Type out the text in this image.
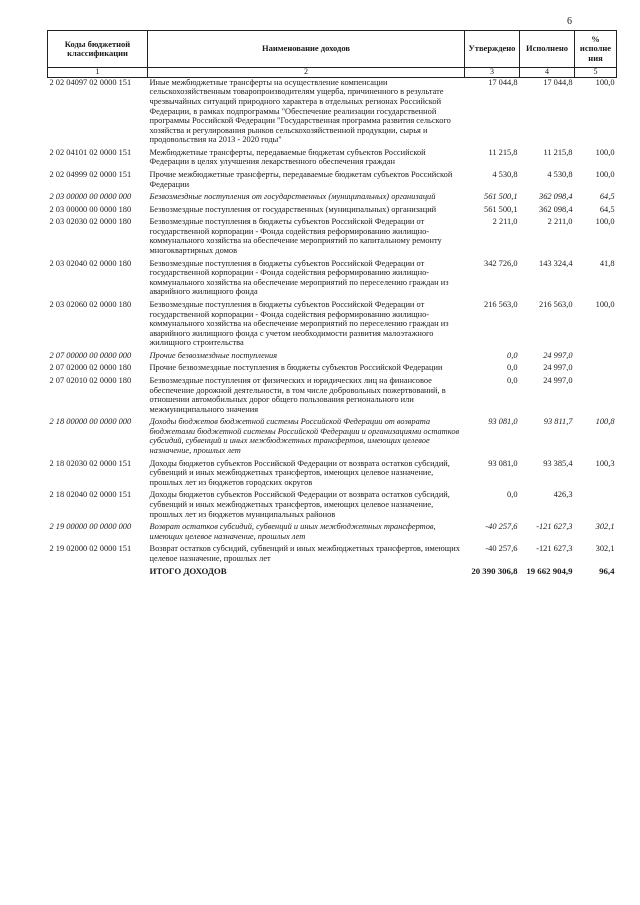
6
Коды бюджетной классификации	Наименование доходов	Утверждено	Исполнено	% исполне ния
1	2	3	4	5
2 02 04097 02 0000 151	Иные межбюджетные трансферты на осуществление компенсации сельскохозяйственным товаропроизводителям ущерба, причиненного в результате чрезвычайных ситуаций природного характера в отдельных регионах Российской Федерации, в рамках подпрограммы "Обеспечение реализации государственной программы Российской Федерации "Государственная программа развития сельского хозяйства и регулирования рынков сельскохозяйственной продукции, сырья и продовольствия на 2013 - 2020 годы"	17 044,8	17 044,8	100,0
2 02 04101 02 0000 151	Межбюджетные трансферты, передаваемые бюджетам субъектов Российской Федерации в целях улучшения лекарственного обеспечения граждан	11 215,8	11 215,8	100,0
2 02 04999 02 0000 151	Прочие межбюджетные трансферты, передаваемые бюджетам субъектов Российской Федерации	4 530,8	4 530,8	100,0
2 03 00000 00 0000 000	Безвозмездные поступления от государственных (муниципальных) организаций	561 500,1	362 098,4	64,5
2 03 00000 00 0000 180	Безвозмездные поступления от государственных (муниципальных) организаций	561 500,1	362 098,4	64,5
2 03 02030 02 0000 180	Безвозмездные поступления в бюджеты субъектов Российской Федерации от государственной корпорации - Фонда содействия реформированию жилищно-коммунального хозяйства на обеспечение мероприятий по капитальному ремонту многоквартирных домов	2 211,0	2 211,0	100,0
2 03 02040 02 0000 180	Безвозмездные поступления в бюджеты субъектов Российской Федерации от государственной корпорации - Фонда содействия реформированию жилищно-коммунального хозяйства на обеспечение мероприятий по переселению граждан из аварийного жилищного фонда	342 726,0	143 324,4	41,8
2 03 02060 02 0000 180	Безвозмездные поступления в бюджеты субъектов Российской Федерации от государственной корпорации - Фонда содействия реформированию жилищно-коммунального хозяйства на обеспечение мероприятий по переселению граждан из аварийного жилищного фонда с учетом необходимости развития малоэтажного жилищного строительства	216 563,0	216 563,0	100,0
2 07 00000 00 0000 000	Прочие безвозмездные поступления	0,0	24 997,0	
2 07 02000 02 0000 180	Прочие безвозмездные поступления в бюджеты субъектов Российской Федерации	0,0	24 997,0	
2 07 02010 02 0000 180	Безвозмездные поступления от физических и юридических лиц на финансовое обеспечение дорожной деятельности, в том числе добровольных пожертвований, в отношении автомобильных дорог общего пользования регионального или межмуниципального значения	0,0	24 997,0	
2 18 00000 00 0000 000	Доходы бюджетов бюджетной системы Российской Федерации от возврата бюджетами бюджетной системы Российской Федерации и организациями остатков субсидий, субвенций и иных межбюджетных трансфертов, имеющих целевое назначение, прошлых лет	93 081,0	93 811,7	100,8
2 18 02030 02 0000 151	Доходы бюджетов субъектов Российской Федерации от возврата остатков субсидий, субвенций и иных межбюджетных трансфертов, имеющих целевое назначение, прошлых лет из бюджетов городских округов	93 081,0	93 385,4	100,3
2 18 02040 02 0000 151	Доходы бюджетов субъектов Российской Федерации от возврата остатков субсидий, субвенций и иных межбюджетных трансфертов, имеющих целевое назначение, прошлых лет из бюджетов муниципальных районов	0,0	426,3	
2 19 00000 00 0000 000	Возврат остатков субсидий, субвенций и иных межбюджетных трансфертов, имеющих целевое назначение, прошлых лет	-40 257,6	-121 627,3	302,1
2 19 02000 02 0000 151	Возврат остатков субсидий, субвенций и иных межбюджетных трансфертов, имеющих целевое назначение, прошлых лет	-40 257,6	-121 627,3	302,1
	ИТОГО ДОХОДОВ	20 390 306,8	19 662 904,9	96,4
